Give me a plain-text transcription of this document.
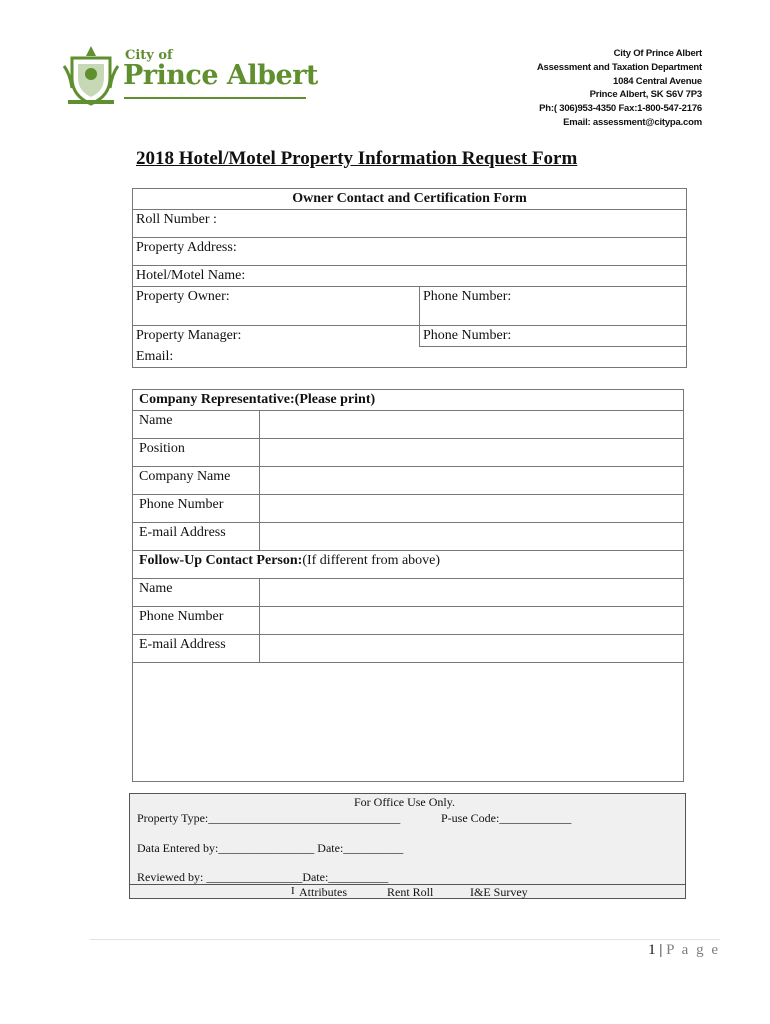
City of
Prince Albert
City Of Prince Albert
Assessment and Taxation Department
1084 Central Avenue
Prince Albert, SK S6V 7P3
Ph:( 306)953-4350 Fax:1-800-547-2176
Email: assessment@citypa.com
2018 Hotel/Motel Property Information Request Form
Owner Contact and Certification Form	
Roll Number :	
Property Address:	
Hotel/Motel Name:	
Property Owner:	Phone Number:
Property Manager:	Phone Number:
Email:	
Company Representative:(Please print)	
Name	
Position	
Company Name	
Phone Number	
E-mail Address	
Follow-Up Contact Person:(If different from above)	
Name	
Phone Number	
E-mail Address	

For Office Use Only.
Property Type:________________________________	P-use Code:____________
Data Entered by:________________ Date:__________
Reviewed by: ________________Date:__________
I Attributes	Rent Roll	I&E Survey
1 | P a g e
